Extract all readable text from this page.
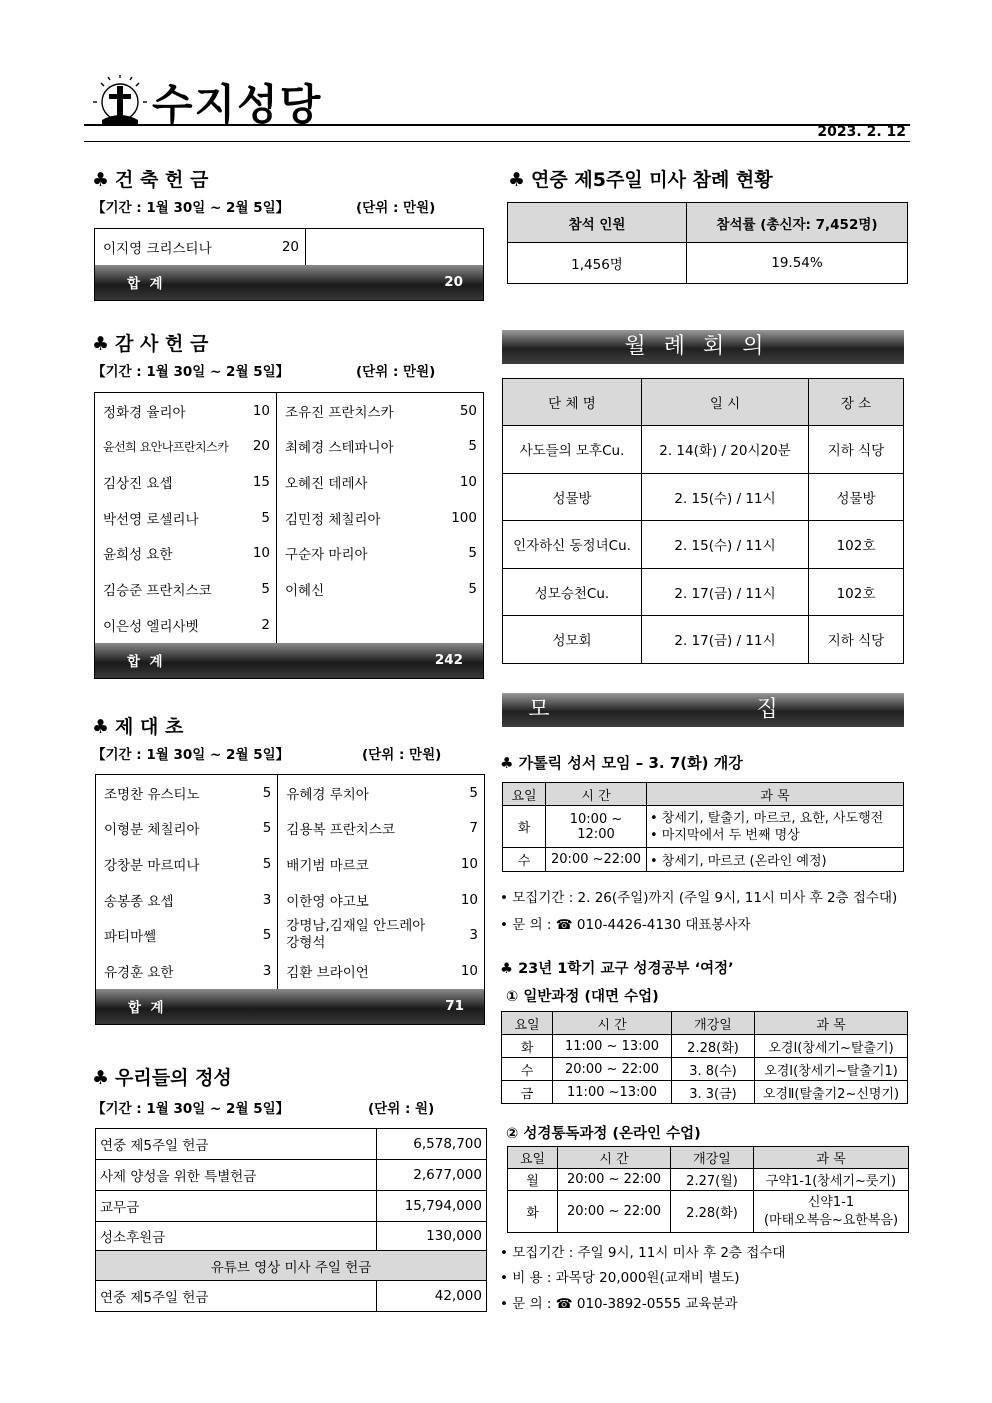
수지성당
2023. 2. 12
♣ 건 축 헌 금
【기간 : 1월 30일 ~ 2월 5일】	(단위 : 만원)
이지영 크리스티나	20	
합  계		20
♣ 감 사 헌 금
【기간 : 1월 30일 ~ 2월 5일】	(단위 : 만원)
정화경 율리아	10	조유진 프란치스카	50
윤선희 요안나프란치스카	20	최혜경 스테파니아	5
김상진 요셉	15	오혜진 데레사	10
박선영 로셀리나	5	김민정 체칠리아	100
윤희성 요한	10	구순자 마리아	5
김승준 프란치스코	5	이혜신	5
이은성 엘리사벳	2		
합  계			242
♣ 제 대 초
【기간 : 1월 30일 ~ 2월 5일】	(단위 : 만원)
조명찬 유스티노	5	유혜경 루치아	5
이형분 체칠리아	5	김용복 프란치스코	7
강창분 마르띠나	5	배기범 마르코	10
송봉종 요셉	3	이한영 야고보	10
파티마쎌	5	강명남,김재일 안드레아 강형석	3
유경훈 요한	3	김환 브라이언	10
합  계			71
♣ 우리들의 정성
【기간 : 1월 30일 ~ 2월 5일】	(단위 : 원)
연중 제5주일 헌금	6,578,700
사제 양성을 위한 특별헌금	2,677,000
교무금	15,794,000
성소후원금	130,000
유튜브 영상 미사 주일 헌금	
연중 제5주일 헌금	42,000
♣ 연중 제5주일 미사 참례 현황
참석 인원	참석률 (총신자: 7,452명)
1,456명	19.54%
월례회의
단 체 명	일 시	장 소
사도들의 모후Cu.	2. 14(화) / 20시20분	지하 식당
성물방	2. 15(수) / 11시	성물방
인자하신 동정녀Cu.	2. 15(수) / 11시	102호
성모승천Cu.	2. 17(금) / 11시	102호
성모회	2. 17(금) / 11시	지하 식당
모 집
♣ 가톨릭 성서 모임 – 3. 7(화) 개강
요일	시 간	과 목
화	10:00 ~ 12:00	• 창세기, 탈출기, 마르코, 요한, 사도행전
• 마지막에서 두 번째 명상

수	20:00 ~22:00	• 창세기, 마르코 (온라인 예정)
• 모집기간 : 2. 26(주일)까지 (주일 9시, 11시 미사 후 2층 접수대)
• 문 의 : ☎ 010-4426-4130 대표봉사자
♣ 23년 1학기 교구 성경공부 ‘여정’
① 일반과정 (대면 수업)
요일	시 간	개강일	과 목
화	11:00 ~ 13:00	2.28(화)	오경Ⅰ(창세기~탈출기)
수	20:00 ~ 22:00	3. 8(수)	오경Ⅰ(창세기~탈출기1)
금	11:00 ~13:00	3. 3(금)	오경Ⅱ(탈출기2~신명기)
② 성경통독과정 (온라인 수업)
요일	시 간	개강일	과 목
월	20:00 ~ 22:00	2.27(월)	구약1-1(창세기~룻기)
화	20:00 ~ 22:00	2.28(화)	신약1-1
(마태오복음~요한복음)
• 모집기간 : 주일 9시, 11시 미사 후 2층 접수대
• 비 용 : 과목당 20,000원(교재비 별도)
• 문 의 : ☎ 010-3892-0555 교육분과
